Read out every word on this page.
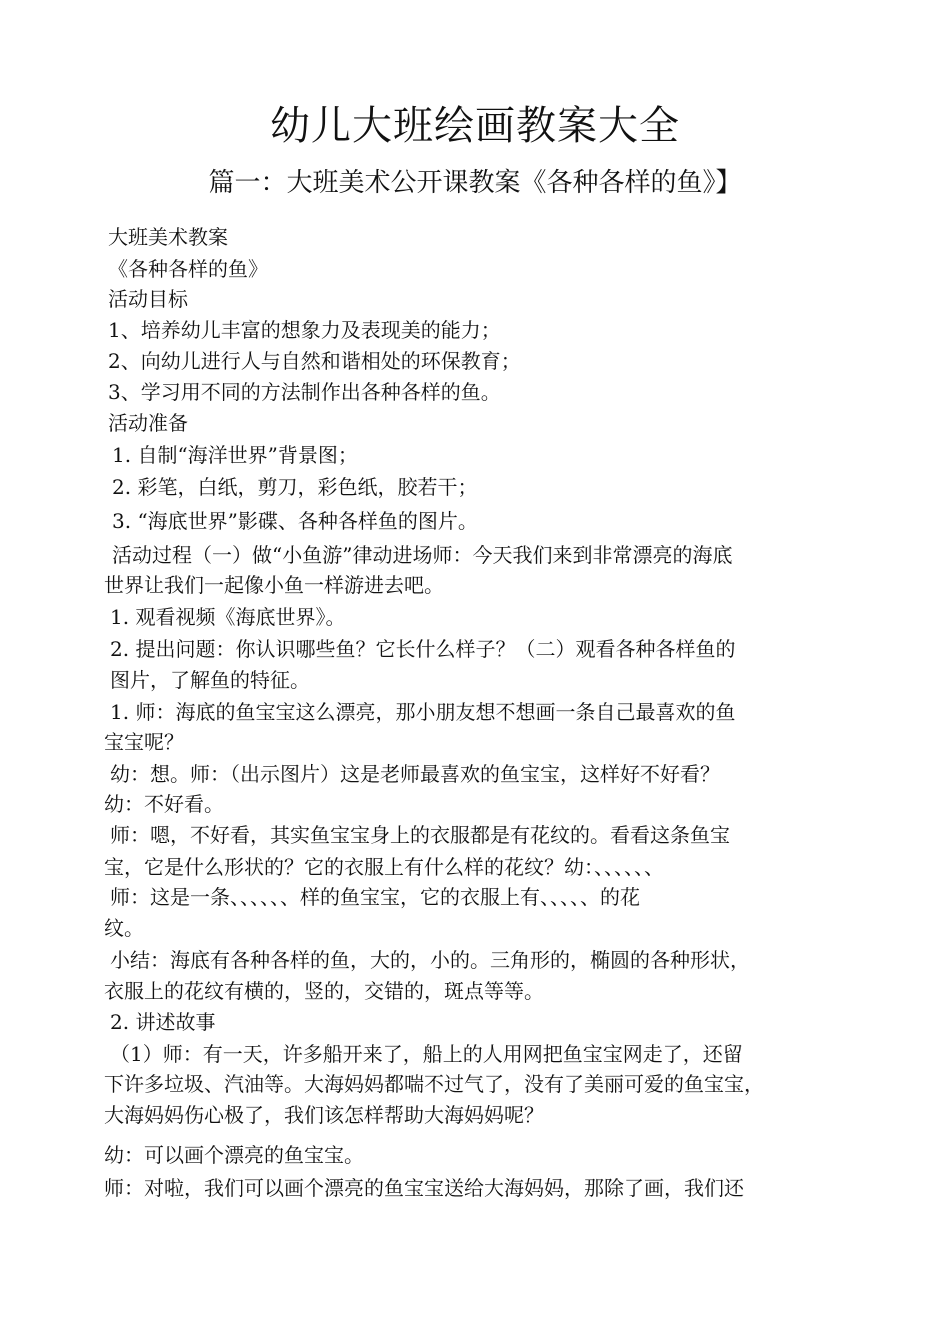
幼儿大班绘画教案大全
篇一：大班美术公开课教案《各种各样的鱼》】
大班美术教案
《各种各样的鱼》
活动目标
1、培养幼儿丰富的想象力及表现美的能力；
2、向幼儿进行人与自然和谐相处的环保教育；
3、学习用不同的方法制作出各种各样的鱼。
活动准备
1. 自制“海洋世界”背景图；
2. 彩笔，白纸，剪刀，彩色纸，胶若干；
3. “海底世界”影碟、各种各样鱼的图片。
活动过程（一）做“小鱼游”律动进场师：今天我们来到非常漂亮的海底
世界让我们一起像小鱼一样游进去吧。
1. 观看视频《海底世界》。
2. 提出问题：你认识哪些鱼？它长什么样子？（二）观看各种各样鱼的
图片，了解鱼的特征。
1. 师：海底的鱼宝宝这么漂亮，那小朋友想不想画一条自己最喜欢的鱼
宝宝呢？
幼：想。师：（出示图片）这是老师最喜欢的鱼宝宝，这样好不好看？
幼：不好看。
师：嗯，不好看，其实鱼宝宝身上的衣服都是有花纹的。看看这条鱼宝
宝，它是什么形状的？它的衣服上有什么样的花纹？幼：、、、、、、
师：这是一条、、、、、、样的鱼宝宝，它的衣服上有、、、、、的花
纹。
小结：海底有各种各样的鱼，大的，小的。三角形的，椭圆的各种形状，
衣服上的花纹有横的，竖的，交错的，斑点等等。
2. 讲述故事
（1）师：有一天，许多船开来了，船上的人用网把鱼宝宝网走了，还留
下许多垃圾、汽油等。大海妈妈都喘不过气了，没有了美丽可爱的鱼宝宝，
大海妈妈伤心极了，我们该怎样帮助大海妈妈呢？
幼：可以画个漂亮的鱼宝宝。
师：对啦，我们可以画个漂亮的鱼宝宝送给大海妈妈，那除了画，我们还
